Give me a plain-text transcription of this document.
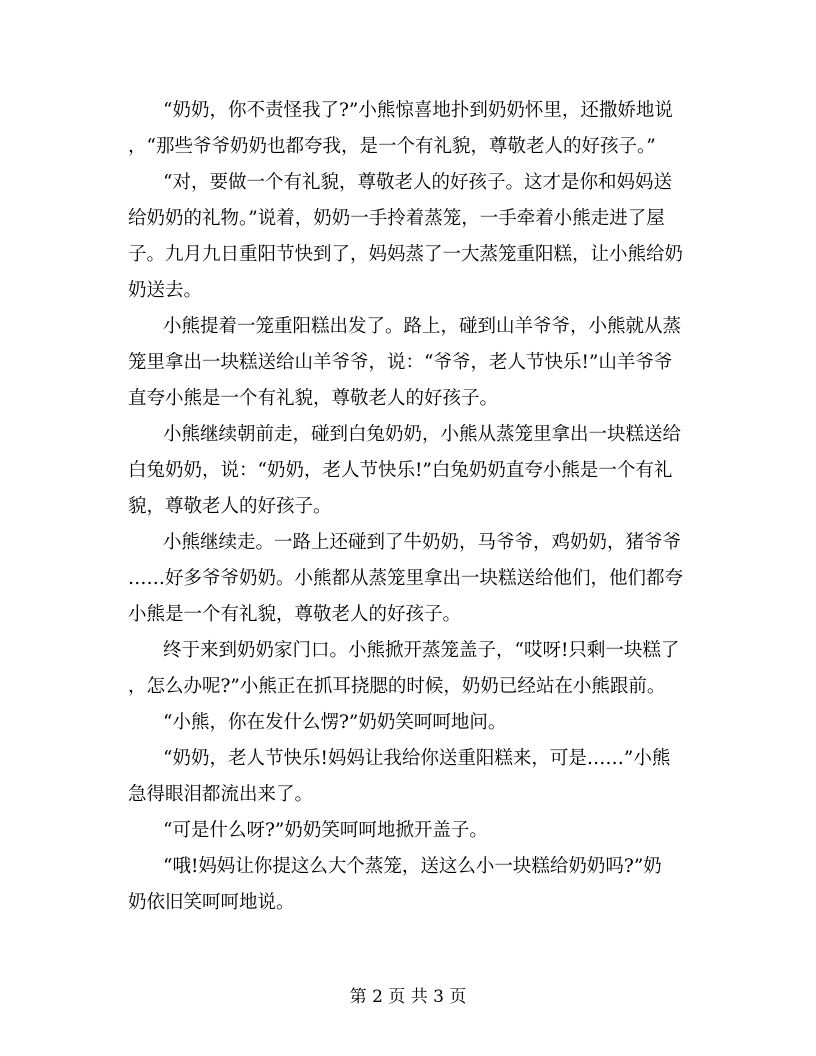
“奶奶，你不责怪我了?”小熊惊喜地扑到奶奶怀里，还撒娇地说
，“那些爷爷奶奶也都夸我，是一个有礼貌，尊敬老人的好孩子。”
“对，要做一个有礼貌，尊敬老人的好孩子。这才是你和妈妈送
给奶奶的礼物。”说着，奶奶一手拎着蒸笼，一手牵着小熊走进了屋
子。九月九日重阳节快到了，妈妈蒸了一大蒸笼重阳糕，让小熊给奶
奶送去。
小熊提着一笼重阳糕出发了。路上，碰到山羊爷爷，小熊就从蒸
笼里拿出一块糕送给山羊爷爷，说：“爷爷，老人节快乐!”山羊爷爷
直夸小熊是一个有礼貌，尊敬老人的好孩子。
小熊继续朝前走，碰到白兔奶奶，小熊从蒸笼里拿出一块糕送给
白兔奶奶，说：“奶奶，老人节快乐!”白兔奶奶直夸小熊是一个有礼
貌，尊敬老人的好孩子。
小熊继续走。一路上还碰到了牛奶奶，马爷爷，鸡奶奶，猪爷爷
……好多爷爷奶奶。小熊都从蒸笼里拿出一块糕送给他们，他们都夸
小熊是一个有礼貌，尊敬老人的好孩子。
终于来到奶奶家门口。小熊掀开蒸笼盖子，“哎呀!只剩一块糕了
，怎么办呢?”小熊正在抓耳挠腮的时候，奶奶已经站在小熊跟前。
“小熊，你在发什么愣?”奶奶笑呵呵地问。
“奶奶，老人节快乐!妈妈让我给你送重阳糕来，可是……”小熊
急得眼泪都流出来了。
“可是什么呀?”奶奶笑呵呵地掀开盖子。
“哦!妈妈让你提这么大个蒸笼，送这么小一块糕给奶奶吗?”奶
奶依旧笑呵呵地说。
第 2 页 共 3 页
